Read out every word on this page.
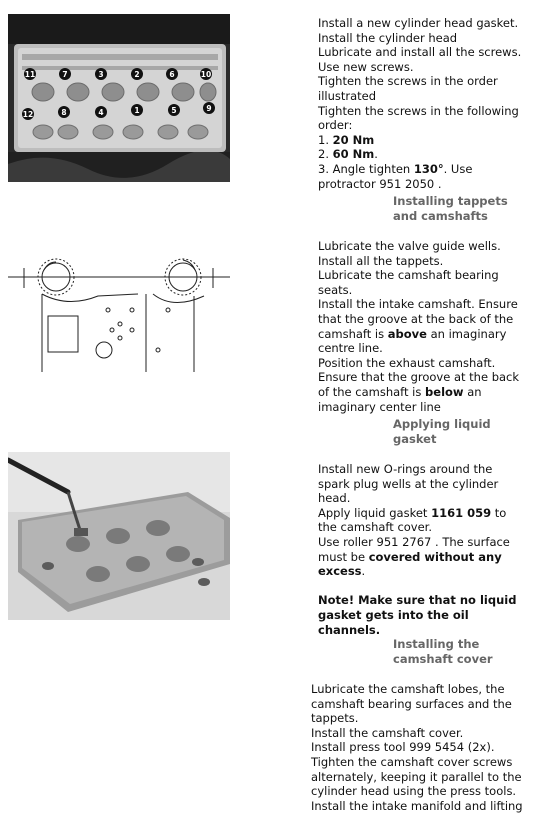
11	7	3	2	6	10
12	8	4	1	5	9

Install a new cylinder head gasket.

Install the cylinder head

Lubricate and install all the screws.

Use new screws.

Tighten the screws in the order

illustrated

Tighten the screws in the following

order:

1. 20 Nm

2. 60 Nm.

3. Angle tighten 130°. Use

protractor 951 2050 .

Installing tappets
and camshafts

Lubricate the valve guide wells.

Install all the tappets.

Lubricate the camshaft bearing

seats.

Install the intake camshaft. Ensure

that the groove at the back of the

camshaft is above an imaginary

centre line.

Position the exhaust camshaft.

Ensure that the groove at the back

of the camshaft is below an

imaginary center line

Applying liquid
gasket

Install new O-rings around the

spark plug wells at the cylinder

head.

Apply liquid gasket 1161 059 to

the camshaft cover.

Use roller 951 2767 . The surface

must be covered without any

excess.

Note! Make sure that no liquid

gasket gets into the oil

channels.

Installing the
camshaft cover

Lubricate the camshaft lobes, the

camshaft bearing surfaces and the

tappets.

Install the camshaft cover.

Install press tool 999 5454 (2x).

Tighten the camshaft cover screws

alternately, keeping it parallel to the

cylinder head using the press tools.

Install the intake manifold and lifting
